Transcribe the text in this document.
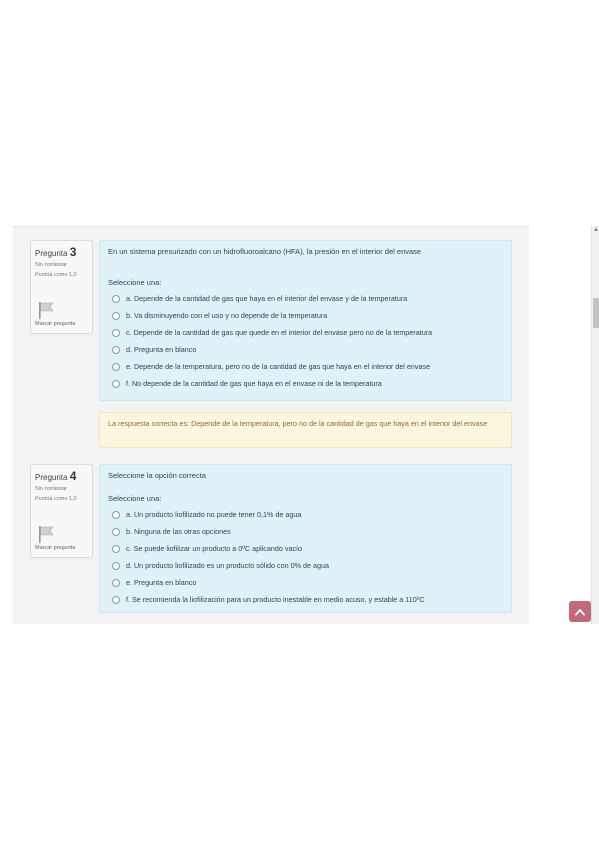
▲
Pregunta 3
Sin contestar
Puntúa como 1,0
Marcar pregunta
En un sistema presurizado con un hidrofluoroalcano (HFA), la presión en el interior del envase
Seleccione una:
a. Depende de la cantidad de gas que haya en el interior del envase y de la temperatura
b. Va disminuyendo con el uso y no depende de la temperatura
c. Depende de la cantidad de gas que quede en el interior del envase pero no de la temperatura
d. Pregunta en blanco
e. Depende de la temperatura, pero no de la cantidad de gas que haya en el interior del envase
f. No depende de la cantidad de gas que haya en el envase ni de la temperatura
La respuesta correcta es: Depende de la temperatura, pero no de la cantidad de gas que haya en el interior del envase
Pregunta 4
Sin contestar
Puntúa como 1,0
Marcar pregunta
Seleccione la opción correcta
Seleccione una:
a. Un producto liofilizado no puede tener 0,1% de agua
b. Ninguna de las otras opciones
c. Se puede liofilizar un producto a 0ºC aplicando vacío
d. Un producto liofilizado es un producto sólido con 0% de agua
e. Pregunta en blanco
f. Se recomienda la liofilización para un producto inestable en medio acuso, y estable a 110ºC
